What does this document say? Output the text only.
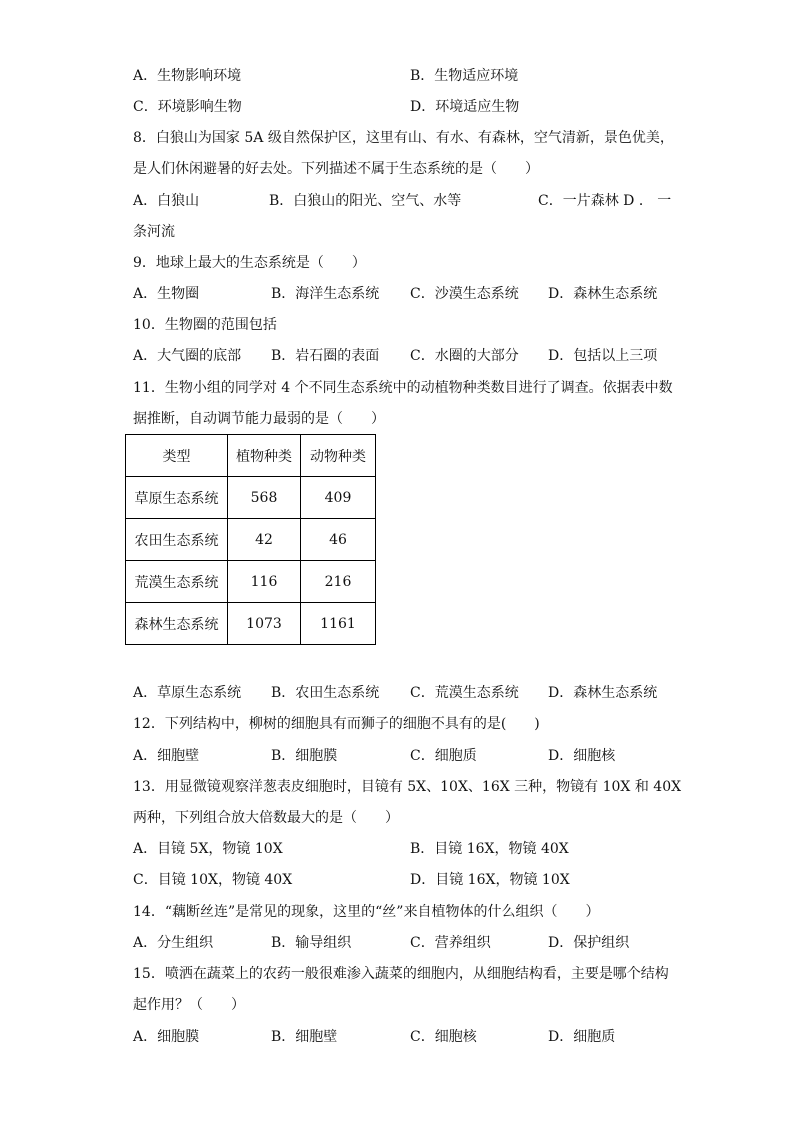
A．生物影响环境	B．生物适应环境
C．环境影响生物	D．环境适应生物
8．白狼山为国家 5A 级自然保护区，这里有山、有水、有森林，空气清新，景色优美，
是人们休闲避暑的好去处。下列描述不属于生态系统的是（　　）
A．白狼山	B．白狼山的阳光、空气、水等	C．一片森林 D ． 一
条河流
9．地球上最大的生态系统是（　　）
A．生物圈	B．海洋生态系统 C．沙漠生态系统 D．森林生态系统
10．生物圈的范围包括
A．大气圈的底部 B．岩石圈的表面 C．水圈的大部分 D．包括以上三项
11．生物小组的同学对 4 个不同生态系统中的动植物种类数目进行了调查。依据表中数
据推断，自动调节能力最弱的是（　　）
类型	植物种类	动物种类
草原生态系统	568	409
农田生态系统	42	46
荒漠生态系统	116	216
森林生态系统	1073	1161
A．草原生态系统 B．农田生态系统 C．荒漠生态系统 D．森林生态系统
12．下列结构中，柳树的细胞具有而狮子的细胞不具有的是(　　)
A．细胞壁	B．细胞膜	C．细胞质	D．细胞核
13．用显微镜观察洋葱表皮细胞时，目镜有 5X、10X、16X 三种，物镜有 10X 和 40X
两种，下列组合放大倍数最大的是（　　）
A．目镜 5X，物镜 10X	B．目镜 16X，物镜 40X
C．目镜 10X，物镜 40X	D．目镜 16X，物镜 10X
14．“藕断丝连”是常见的现象，这里的“丝”来自植物体的什么组织（　　）
A．分生组织	B．输导组织	C．营养组织	D．保护组织
15．喷洒在蔬菜上的农药一般很难渗入蔬菜的细胞内，从细胞结构看，主要是哪个结构
起作用？（　　）
A．细胞膜	B．细胞壁	C．细胞核	D．细胞质
